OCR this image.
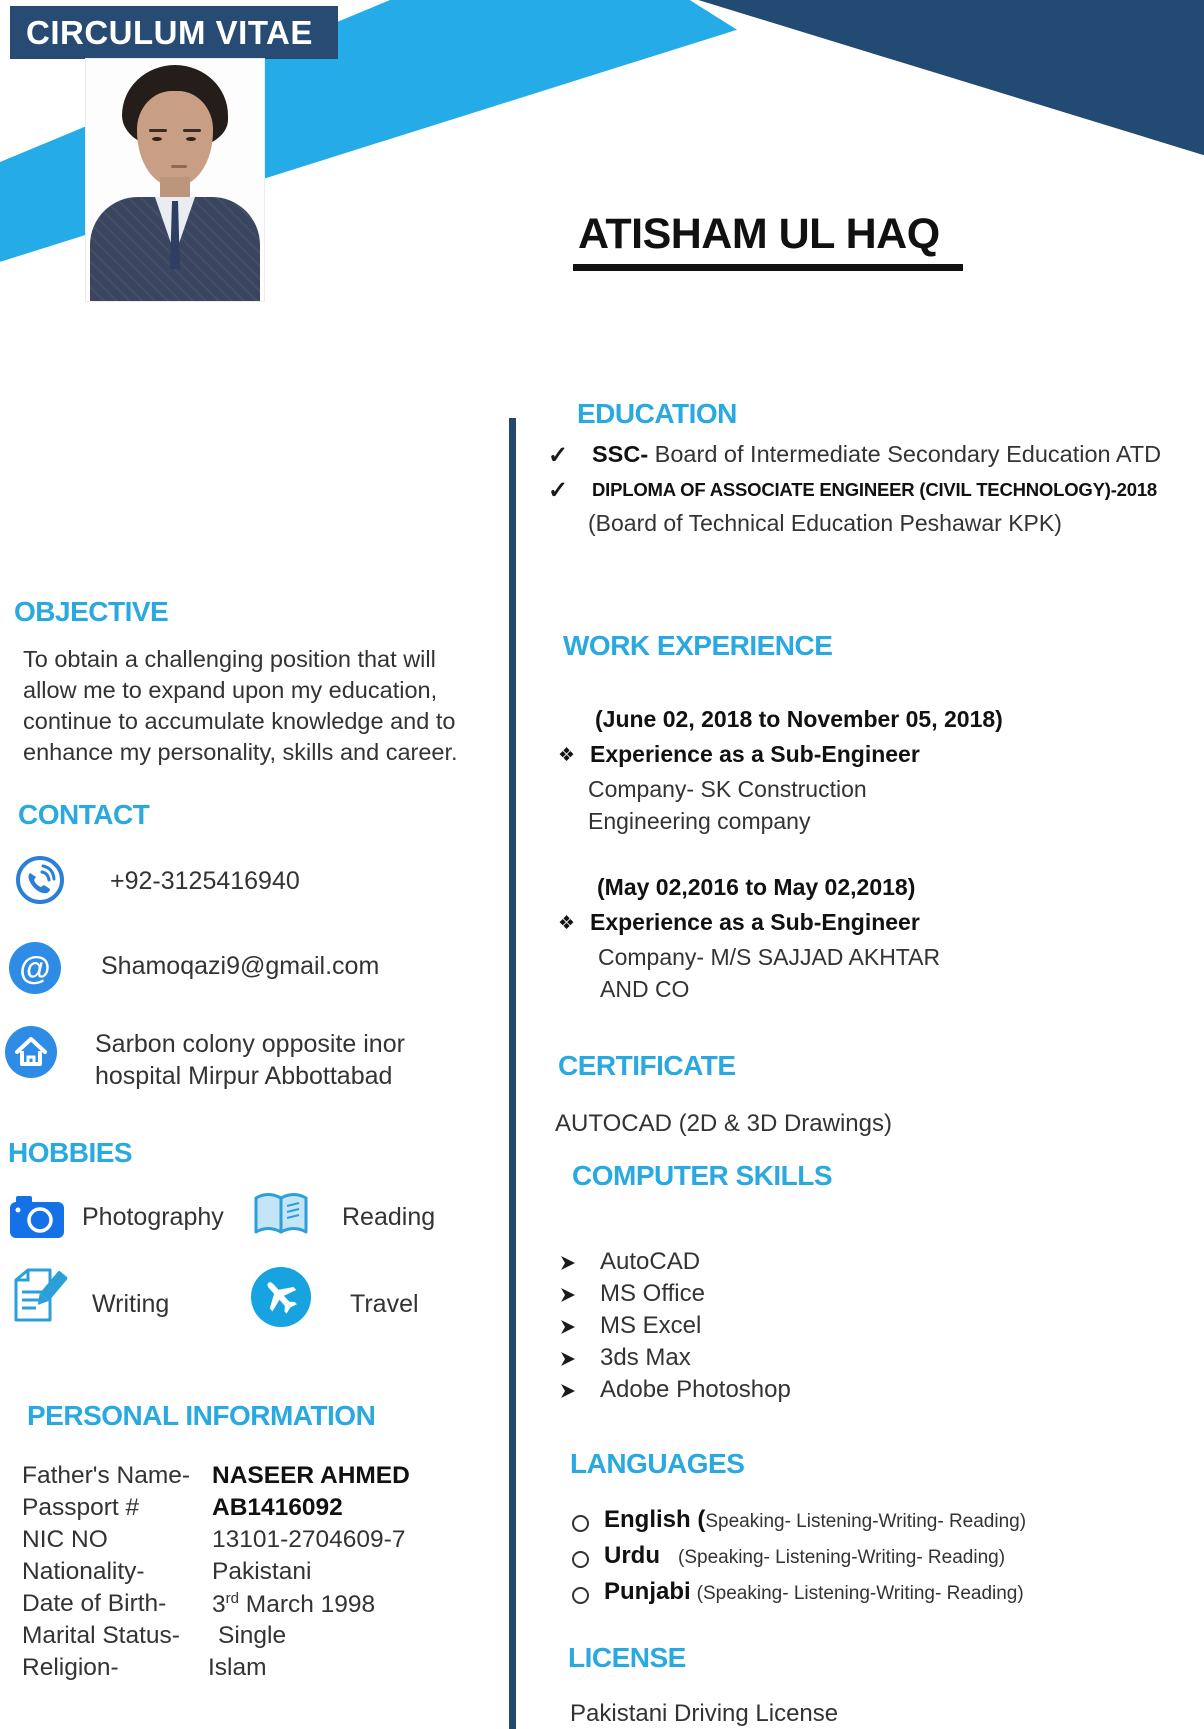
CIRCULUM VITAE
ATISHAM UL HAQ
OBJECTIVE
To obtain a challenging position that will
allow me to expand upon my education,
continue to accumulate knowledge and to
enhance my personality, skills and career.
CONTACT
+92-3125416940
@ Shamoqazi9@gmail.com
Sarbon colony opposite inor
hospital Mirpur Abbottabad
HOBBIES
Photography	Reading
Writing	Travel
PERSONAL INFORMATION
Father's Name- NASEER AHMED
Passport #	AB1416092
NIC NO	13101-2704609-7
Nationality-	Pakistani
Date of Birth- 3rd March 1998
Marital Status- Single
Religion-	Islam
EDUCATION
✓ SSC- Board of Intermediate Secondary Education ATD
✓ DIPLOMA OF ASSOCIATE ENGINEER (CIVIL TECHNOLOGY)-2018
(Board of Technical Education Peshawar KPK)
WORK EXPERIENCE
(June 02, 2018 to November 05, 2018)
❖ Experience as a Sub-Engineer
Company- SK Construction
Engineering company
(May 02,2016 to May 02,2018)
❖ Experience as a Sub-Engineer
Company- M/S SAJJAD AKHTAR
AND CO
CERTIFICATE
AUTOCAD (2D & 3D Drawings)
COMPUTER SKILLS
AutoCAD
MS Office
MS Excel
3ds Max
Adobe Photoshop
LANGUAGES
English (Speaking- Listening-Writing- Reading)
Urdu (Speaking- Listening-Writing- Reading)
Punjabi (Speaking- Listening-Writing- Reading)
LICENSE
Pakistani Driving License
